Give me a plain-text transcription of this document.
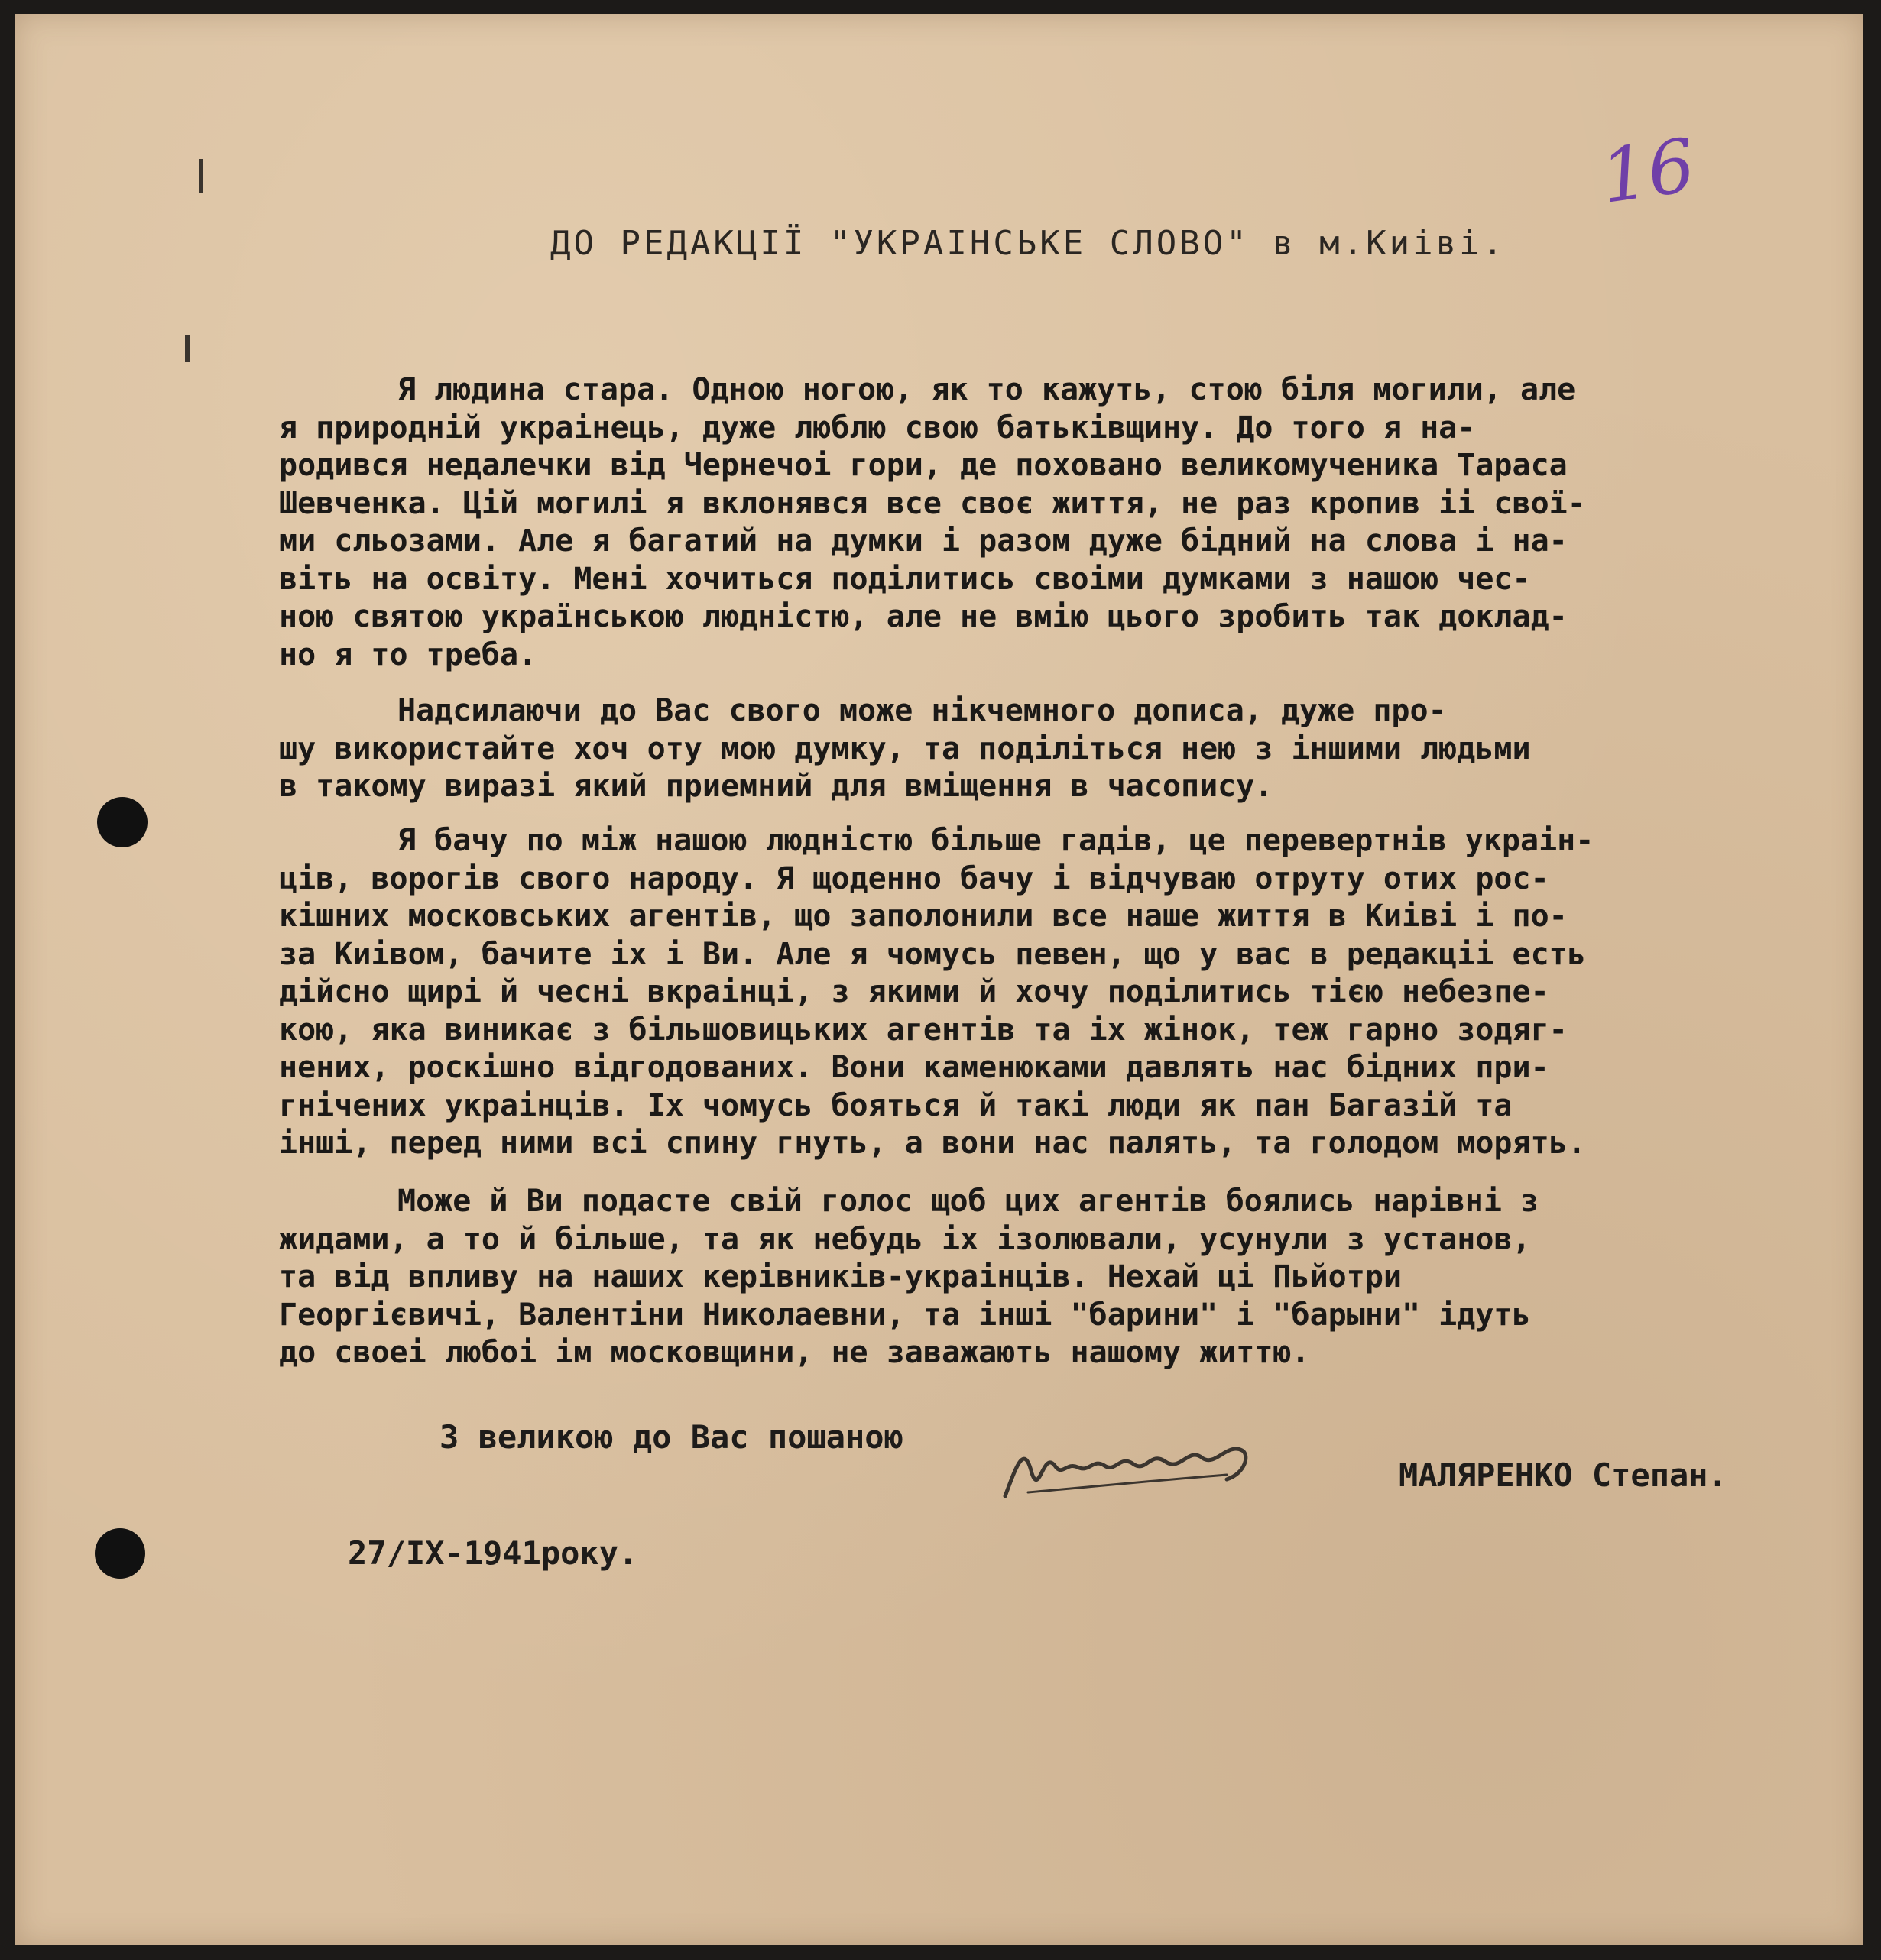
16
ДО РЕДАКЦІЇ "УКРАІНСЬКЕ СЛОВО" в м.Киіві.
Я людина стара. Одною ногою, як то кажуть, стою біля могили, але
я природній украінець, дуже люблю свою батьківщину. До того я на-
родився недалечки від Чернечоі гори, де поховано великомученика Тараса
Шевченка. Цій могилі я вклонявся все своє життя, не раз кропив іі свої-
ми сльозами. Але я багатий на думки і разом дуже бідний на слова і на-
віть на освіту. Мені хочиться поділитись своіми думками з нашою чес-
ною святою українською людністю, але не вмію цього зробить так доклад-
но я то треба.
Надсилаючи до Вас свого може нікчемного дописа, дуже про-
шу використайте хоч оту мою думку, та поділіться нею з іншими людьми
в такому виразі який приемний для вміщення в часопису.
Я бачу по між нашою людністю більше гадів, це перевертнів украін-
ців, ворогів свого народу. Я щоденно бачу і відчуваю отруту отих рос-
кішних московських агентів, що заполонили все наше життя в Киіві і по-
за Киівом, бачите іх і Ви. Але я чомусь певен, що у вас в редакціі есть
дійсно щирі й чесні вкраінці, з якими й хочу поділитись тією небезпе-
кою, яка виникає з більшовицьких агентів та іх жінок, теж гарно зодяг-
нених, роскішно відгодованих. Вони каменюками давлять нас бідних при-
гнічених украінців. Іх чомусь бояться й такі люди як пан Багазій та
інші, перед ними всі спину гнуть, а вони нас палять, та голодом морять.
Може й Ви подасте свій голос щоб цих агентів боялись нарівні з
жидами, а то й більше, та як небудь іх ізолювали, усунули з установ,
та від впливу на наших керівників-украінців. Нехай ці Пьйотри
Георгієвичі, Валентіни Николаевни, та інші "барини" і "барыни" ідуть
до своеі любоі ім московщини, не заважають нашому життю.
З великою до Вас пошаною
МАЛЯРЕНКО Степан.
27/IX-1941року.
